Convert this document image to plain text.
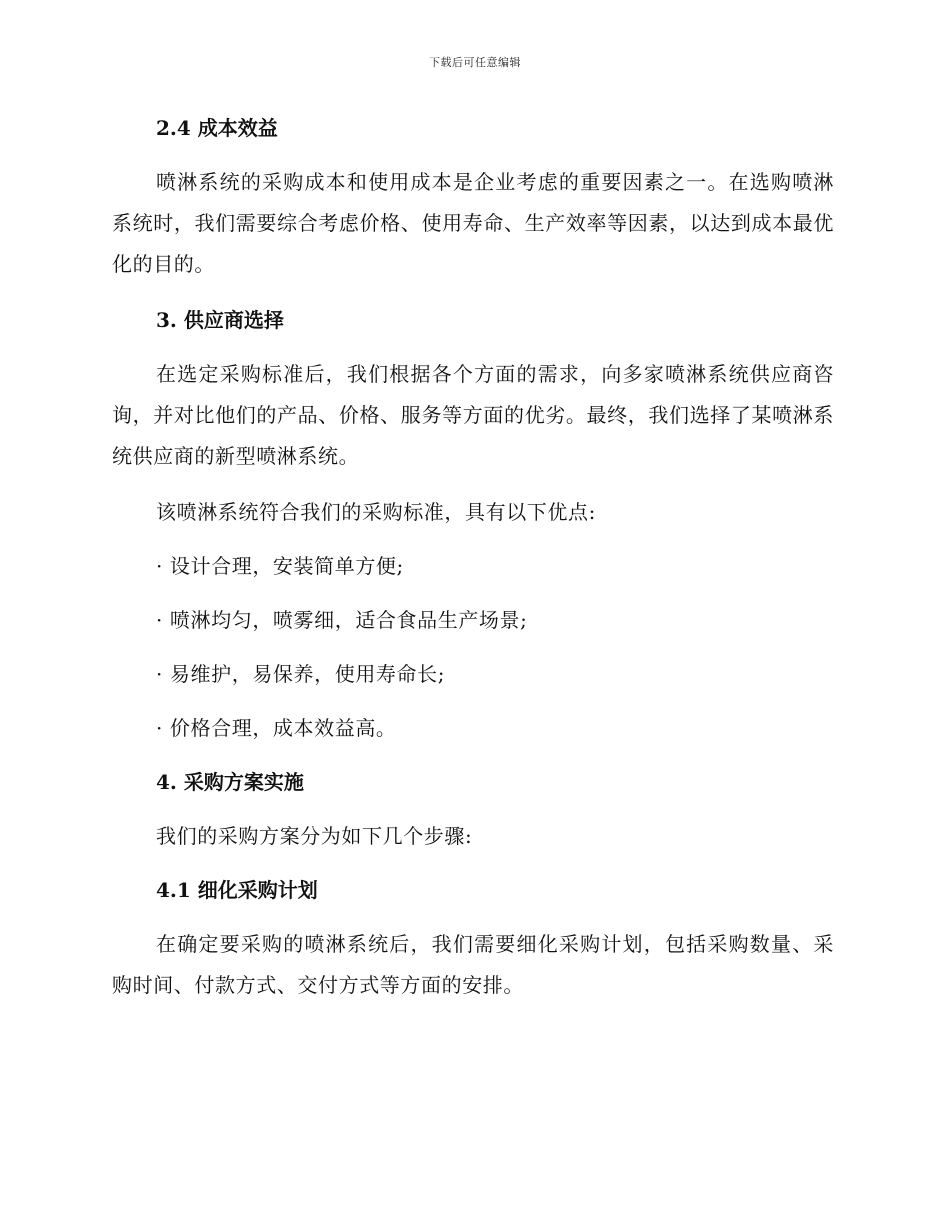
下载后可任意编辑
2.4 成本效益

喷淋系统的采购成本和使用成本是企业考虑的重要因素之一。在选购喷淋系统时，我们需要综合考虑价格、使用寿命、生产效率等因素，以达到成本最优化的目的。

3. 供应商选择

在选定采购标准后，我们根据各个方面的需求，向多家喷淋系统供应商咨询，并对比他们的产品、价格、服务等方面的优劣。最终，我们选择了某喷淋系统供应商的新型喷淋系统。

该喷淋系统符合我们的采购标准，具有以下优点:

· 设计合理，安装简单方便;

· 喷淋均匀，喷雾细，适合食品生产场景;

· 易维护，易保养，使用寿命长;

· 价格合理，成本效益高。

4. 采购方案实施

我们的采购方案分为如下几个步骤:

4.1 细化采购计划

在确定要采购的喷淋系统后，我们需要细化采购计划，包括采购数量、采购时间、付款方式、交付方式等方面的安排。
